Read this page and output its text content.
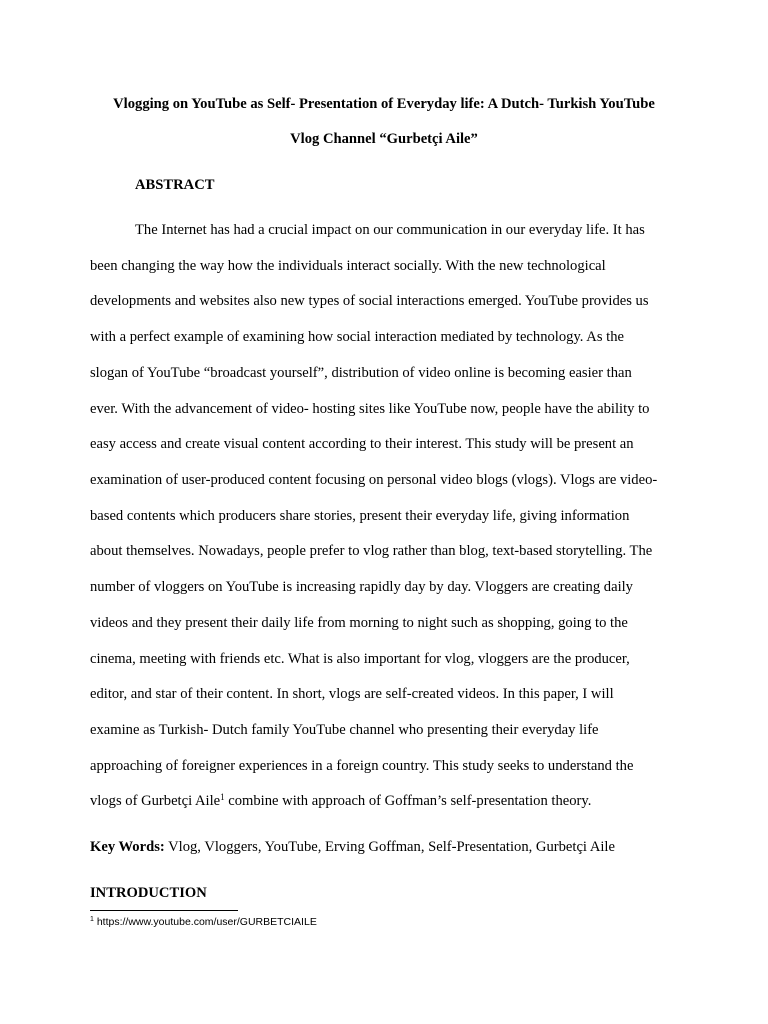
Vlogging on YouTube as Self- Presentation of Everyday life: A Dutch- Turkish YouTube
Vlog Channel “Gurbetçi Aile”
ABSTRACT
The Internet has had a crucial impact on our communication in our everyday life. It has
been changing the way how the individuals interact socially. With the new technological
developments and websites also new types of social interactions emerged. YouTube provides us
with a perfect example of examining how social interaction mediated by technology. As the
slogan of YouTube “broadcast yourself”, distribution of video online is becoming easier than
ever. With the advancement of video- hosting sites like YouTube now, people have the ability to
easy access and create visual content according to their interest. This study will be present an
examination of user-produced content focusing on personal video blogs (vlogs). Vlogs are video-
based contents which producers share stories, present their everyday life, giving information
about themselves. Nowadays, people prefer to vlog rather than blog, text-based storytelling. The
number of vloggers on YouTube is increasing rapidly day by day. Vloggers are creating daily
videos and they present their daily life from morning to night such as shopping, going to the
cinema, meeting with friends etc. What is also important for vlog, vloggers are the producer,
editor, and star of their content. In short, vlogs are self-created videos. In this paper, I will
examine as Turkish- Dutch family YouTube channel who presenting their everyday life
approaching of foreigner experiences in a foreign country. This study seeks to understand the
vlogs of Gurbetçi Aile$^1$ combine with approach of Goffman’s self-presentation theory.
Key Words: Vlog, Vloggers, YouTube, Erving Goffman, Self-Presentation, Gurbetçi Aile
INTRODUCTION
$^1$ https://www.youtube.com/user/GURBETCIAILE
